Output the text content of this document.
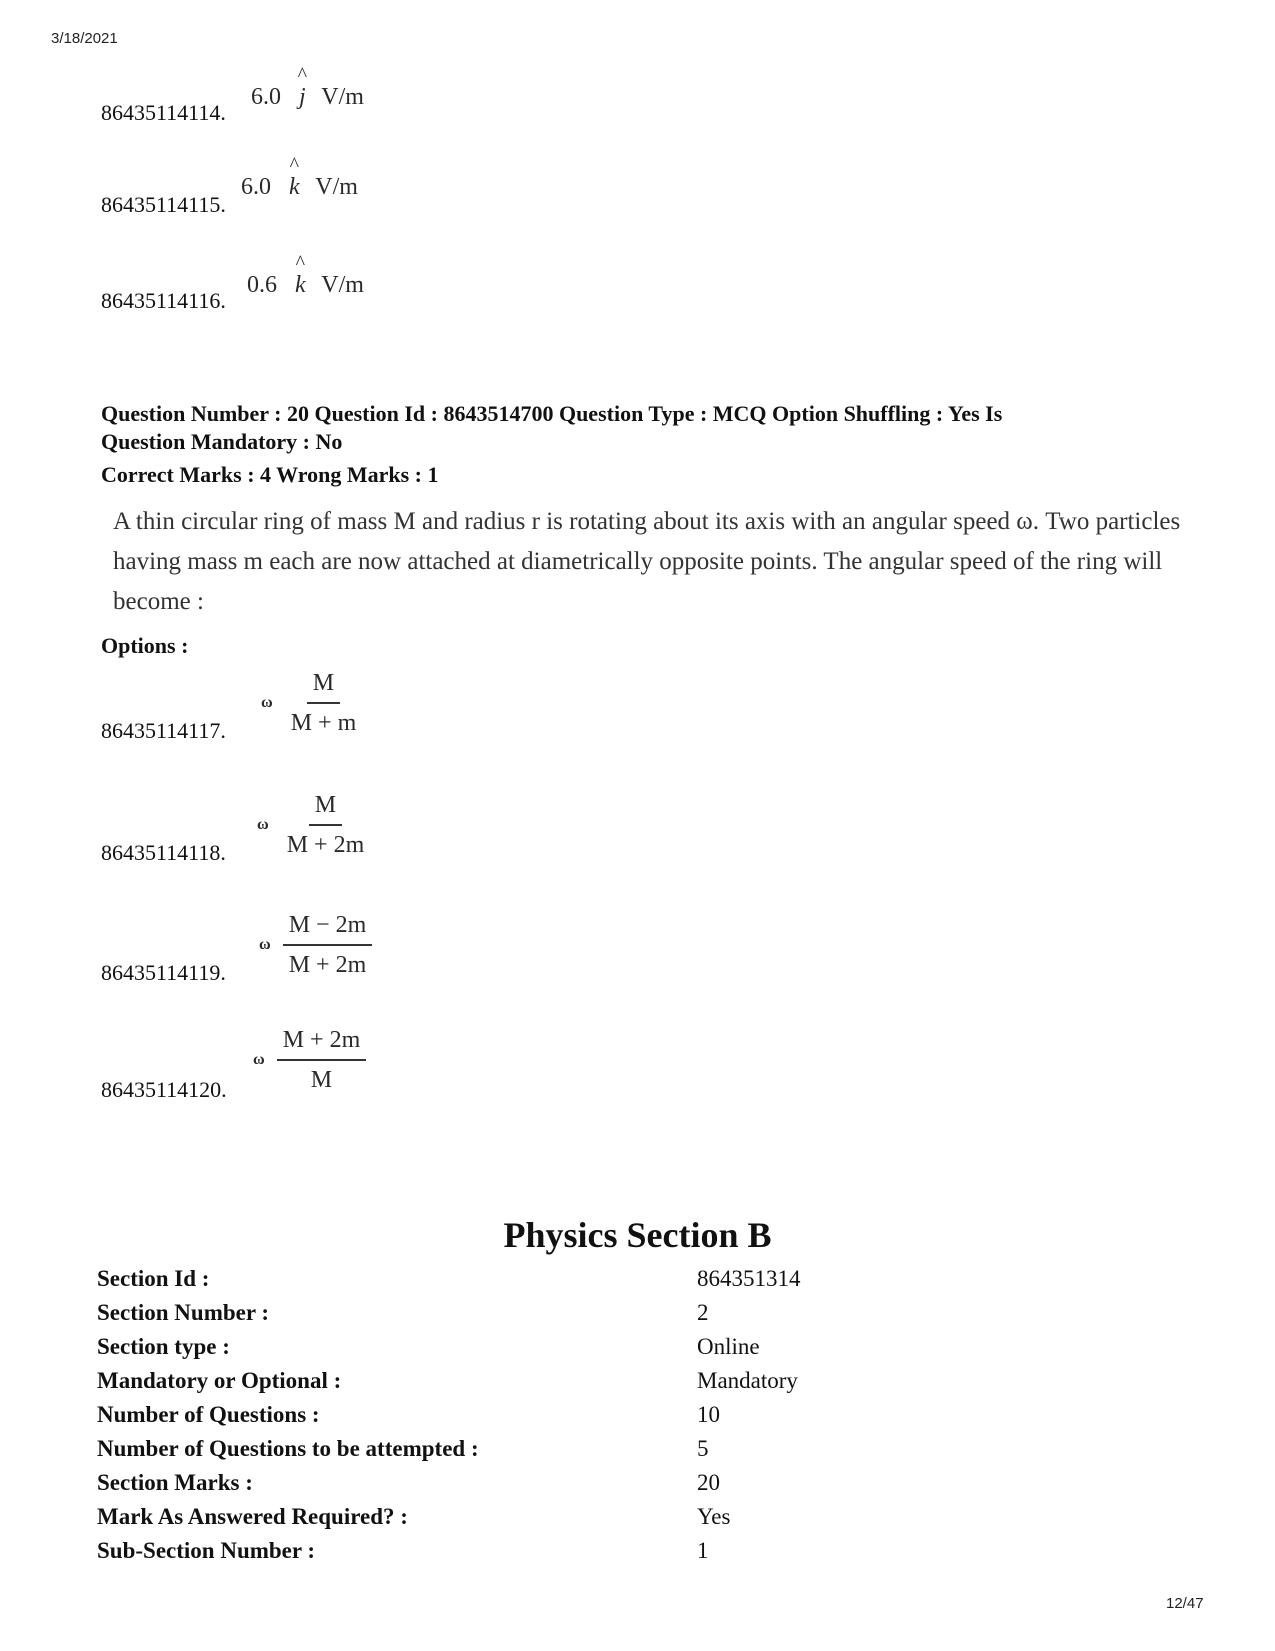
3/18/2021
86435114114.
6.0 ^ j V/m
86435114115.
6.0 ^ k V/m
86435114116.
0.6 ^ k V/m
Question Number : 20 Question Id : 8643514700 Question Type : MCQ Option Shuffling : Yes Is
Question Mandatory : No
Correct Marks : 4 Wrong Marks : 1
A thin circular ring of mass M and radius r is rotating about its axis with an angular speed ω. Two particles having mass m each are now attached at diametrically opposite points. The angular speed of the ring will become :
Options :
86435114117.
ω $\frac{M}{M + m}$
86435114118.
ω $\frac{M}{M + 2m}$
86435114119.
ω $\frac{M - 2m}{M + 2m}$
86435114120.
ω $\frac{M + 2m}{M}$
Physics Section B
Section Id :	864351314
Section Number :	2
Section type :	Online
Mandatory or Optional :	Mandatory
Number of Questions :	10
Number of Questions to be attempted :	5
Section Marks :	20
Mark As Answered Required? :	Yes
Sub-Section Number :	1
12/47
